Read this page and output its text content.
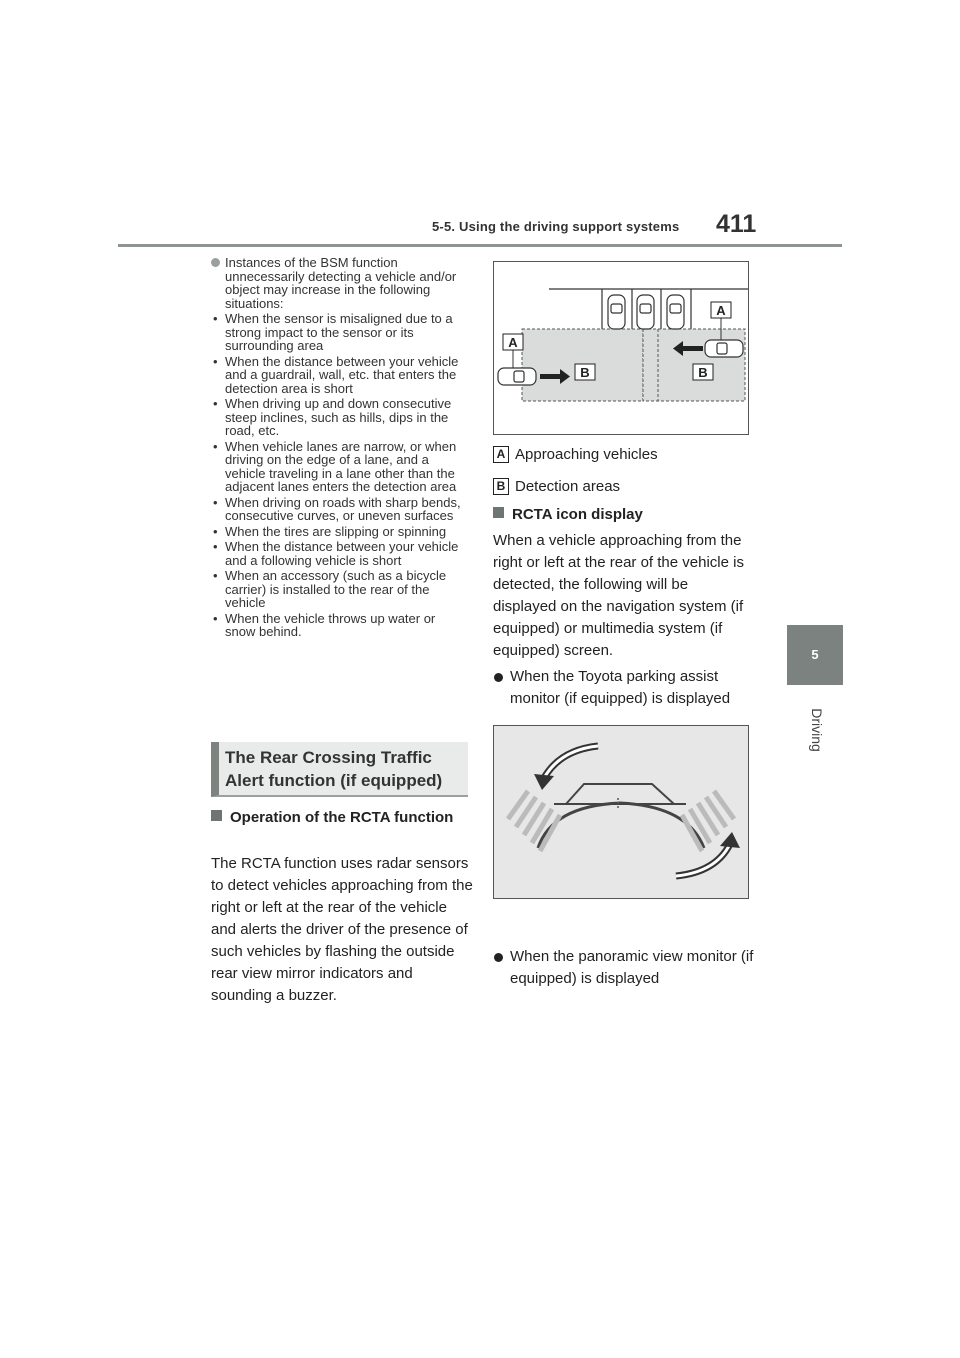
5-5. Using the driving support systems 411
5
Driving
Instances of the BSM function unnecessarily detecting a vehicle and/or object may increase in the following situations:
• When the sensor is misaligned due to a strong impact to the sensor or its surrounding area
• When the distance between your vehicle and a guardrail, wall, etc. that enters the detection area is short
• When driving up and down consecutive steep inclines, such as hills, dips in the road, etc.
• When vehicle lanes are narrow, or when driving on the edge of a lane, and a vehicle traveling in a lane other than the adjacent lanes enters the detection area
• When driving on roads with sharp bends, consecutive curves, or uneven surfaces
• When the tires are slipping or spinning
• When the distance between your vehicle and a following vehicle is short
• When an accessory (such as a bicycle carrier) is installed to the rear of the vehicle
• When the vehicle throws up water or snow behind.
The Rear Crossing Traffic Alert function (if equipped)
Operation of the RCTA function
The RCTA function uses radar sensors to detect vehicles approaching from the right or left at the rear of the vehicle and alerts the driver of the presence of such vehicles by flashing the outside rear view mirror indicators and sounding a buzzer.
A
A
B	B
A Approaching vehicles
B Detection areas
RCTA icon display
When a vehicle approaching from the right or left at the rear of the vehicle is detected, the following will be displayed on the navigation system (if equipped) or multimedia system (if equipped) screen.
When the Toyota parking assist monitor (if equipped) is displayed
When the panoramic view monitor (if equipped) is displayed
